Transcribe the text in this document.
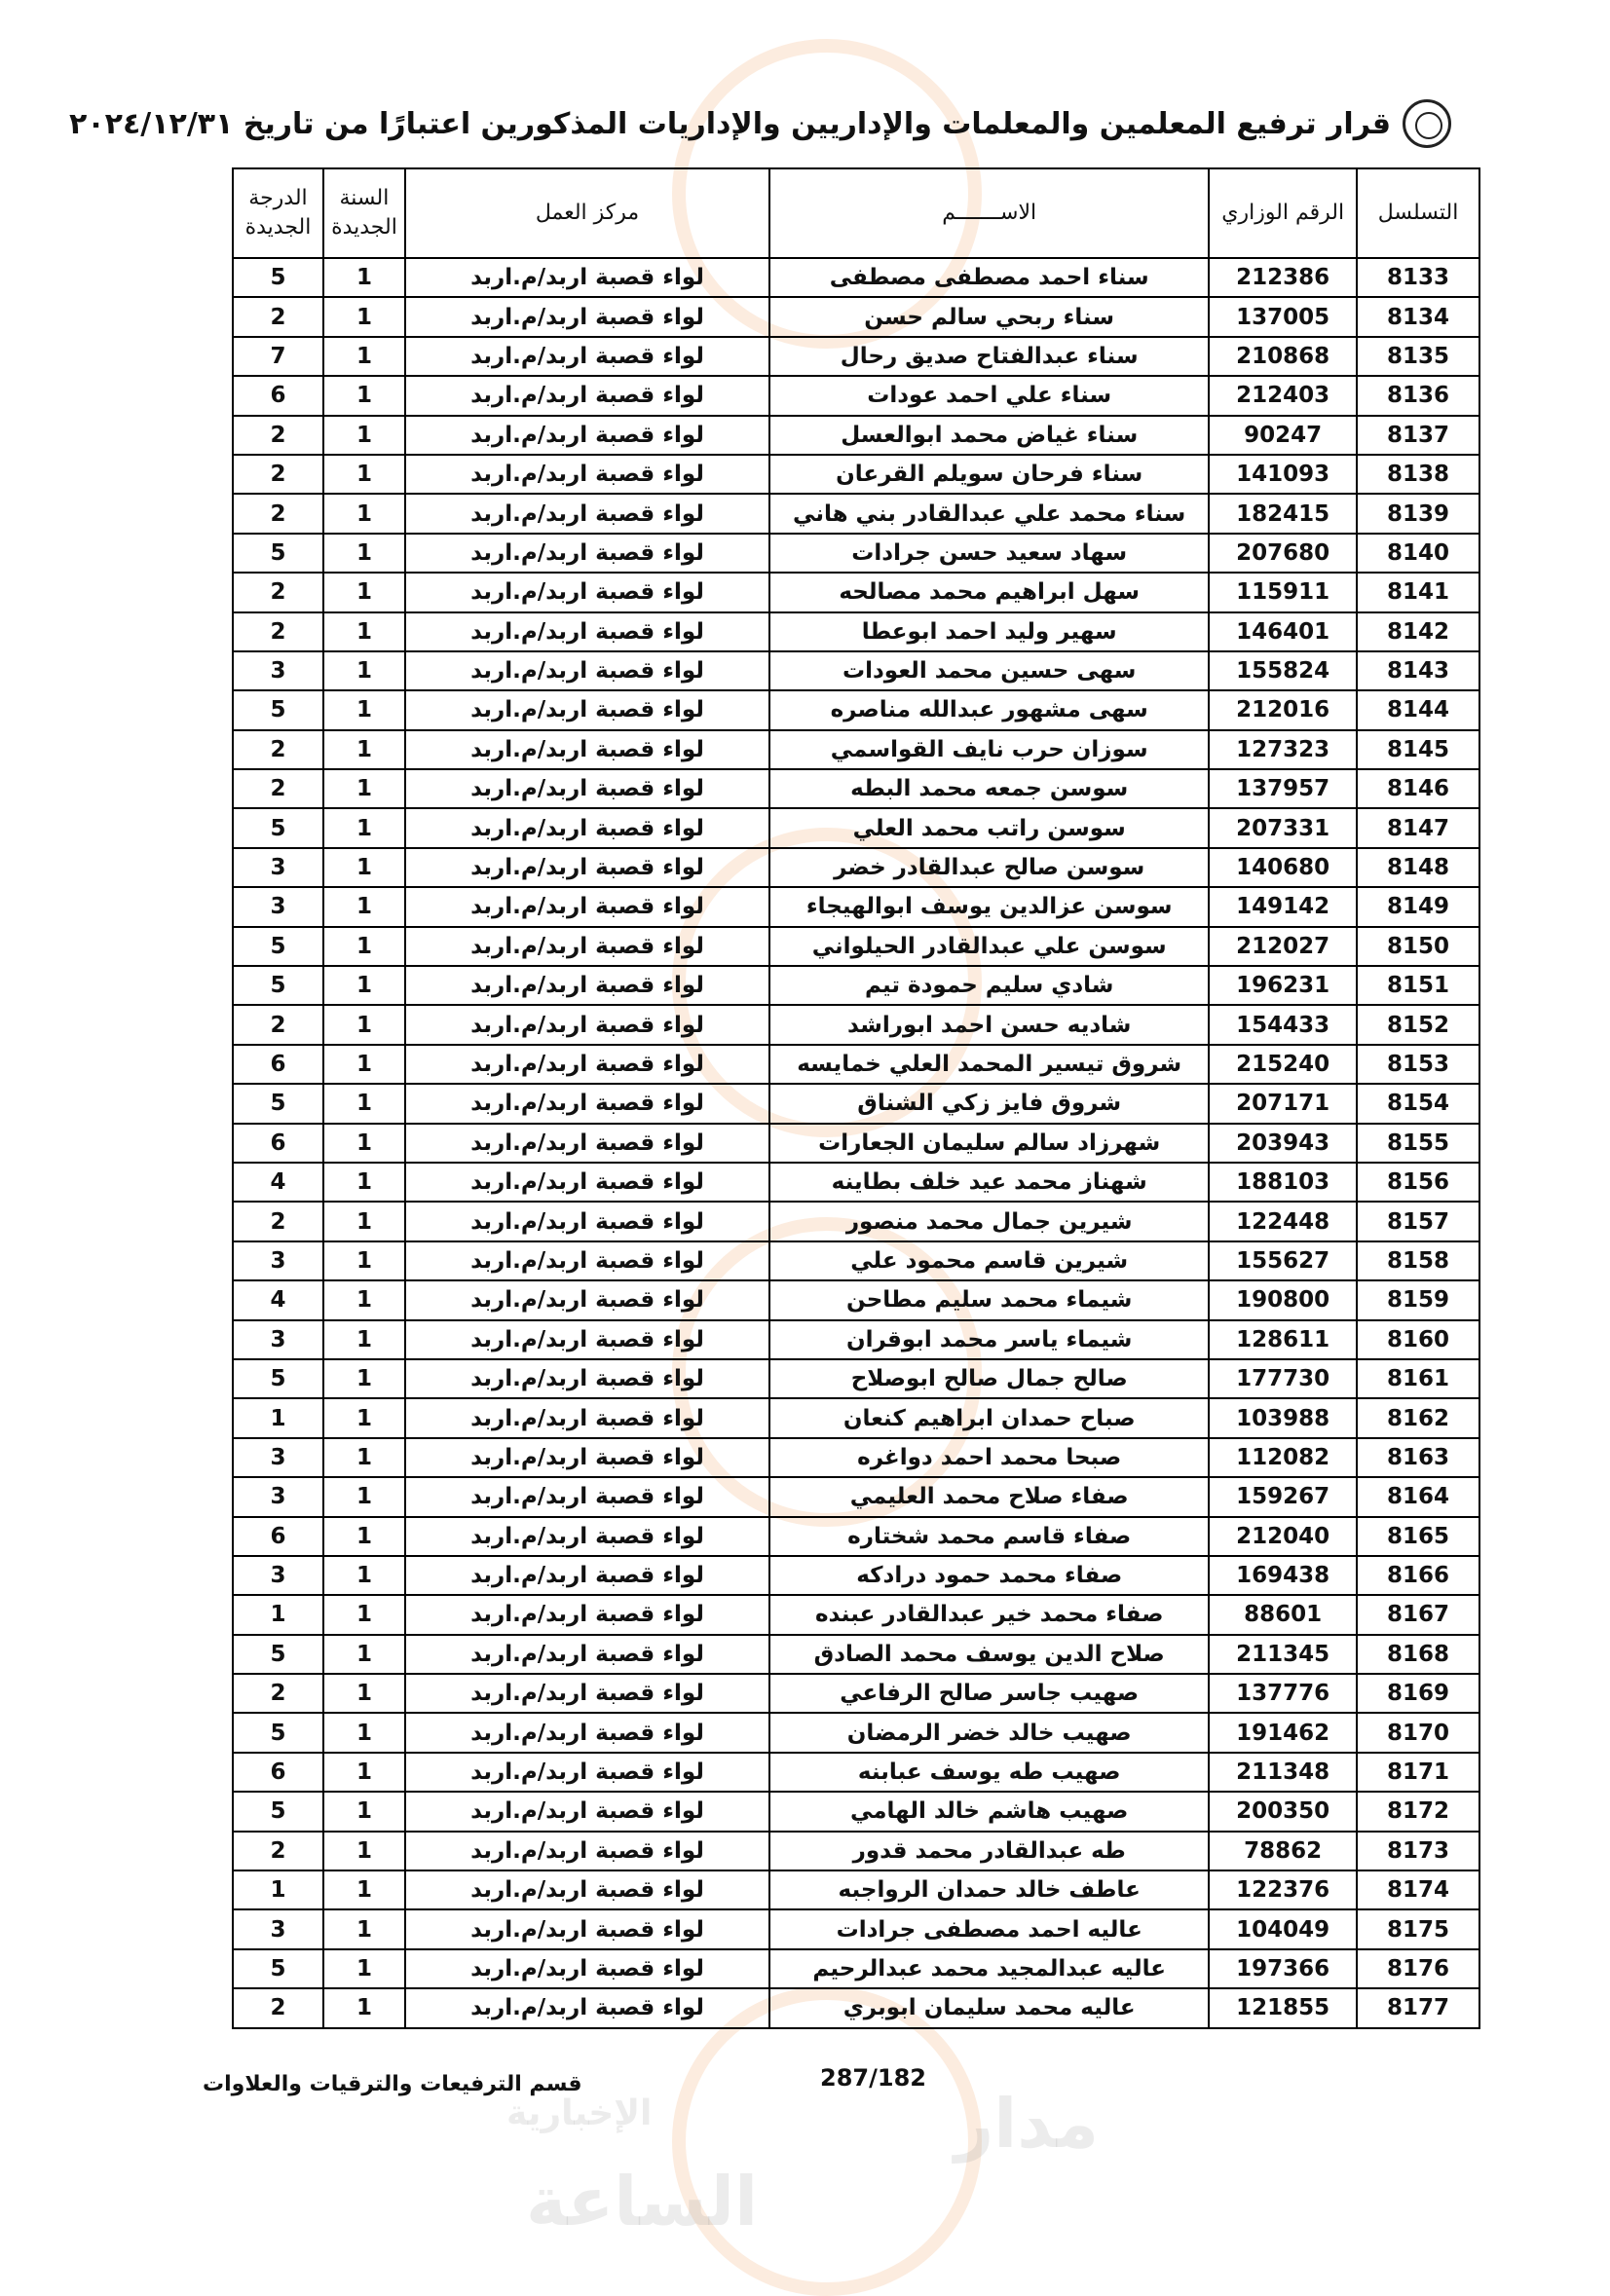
مدار
الساعة
الإخبارية
قرار ترفيع المعلمين والمعلمات والإداريين والإداريات المذكورين اعتبارًا من تاريخ ٢٠٢٤/١٢/٣١
التسلسل	الرقم الوزاري	الاســـــــم	مركز العمل	السنة الجديدة	الدرجة الجديدة
8133	212386	سناء احمد مصطفى مصطفى	لواء قصبة اربد/م.اربد	1	5
8134	137005	سناء ربحي سالم حسن	لواء قصبة اربد/م.اربد	1	2
8135	210868	سناء عبدالفتاح صديق رحال	لواء قصبة اربد/م.اربد	1	7
8136	212403	سناء علي احمد عودات	لواء قصبة اربد/م.اربد	1	6
8137	90247	سناء غياض محمد ابوالعسل	لواء قصبة اربد/م.اربد	1	2
8138	141093	سناء فرحان سويلم القرعان	لواء قصبة اربد/م.اربد	1	2
8139	182415	سناء محمد علي عبدالقادر بني هاني	لواء قصبة اربد/م.اربد	1	2
8140	207680	سهاد سعيد حسن جرادات	لواء قصبة اربد/م.اربد	1	5
8141	115911	سهل ابراهيم محمد مصالحه	لواء قصبة اربد/م.اربد	1	2
8142	146401	سهير وليد احمد ابوعطا	لواء قصبة اربد/م.اربد	1	2
8143	155824	سهى حسين محمد العودات	لواء قصبة اربد/م.اربد	1	3
8144	212016	سهى مشهور عبدالله مناصره	لواء قصبة اربد/م.اربد	1	5
8145	127323	سوزان حرب نايف القواسمي	لواء قصبة اربد/م.اربد	1	2
8146	137957	سوسن جمعه محمد البطه	لواء قصبة اربد/م.اربد	1	2
8147	207331	سوسن راتب محمد العلي	لواء قصبة اربد/م.اربد	1	5
8148	140680	سوسن صالح عبدالقادر خضر	لواء قصبة اربد/م.اربد	1	3
8149	149142	سوسن عزالدين يوسف ابوالهيجاء	لواء قصبة اربد/م.اربد	1	3
8150	212027	سوسن علي عبدالقادر الحيلواني	لواء قصبة اربد/م.اربد	1	5
8151	196231	شادي سليم حمودة تيم	لواء قصبة اربد/م.اربد	1	5
8152	154433	شاديه حسن احمد ابوراشد	لواء قصبة اربد/م.اربد	1	2
8153	215240	شروق تيسير المحمد العلي خمايسه	لواء قصبة اربد/م.اربد	1	6
8154	207171	شروق فايز زكي الشناق	لواء قصبة اربد/م.اربد	1	5
8155	203943	شهرزاد سالم سليمان الجعارات	لواء قصبة اربد/م.اربد	1	6
8156	188103	شهناز محمد عيد خلف بطاينه	لواء قصبة اربد/م.اربد	1	4
8157	122448	شيرين جمال محمد منصور	لواء قصبة اربد/م.اربد	1	2
8158	155627	شيرين قاسم محمود علي	لواء قصبة اربد/م.اربد	1	3
8159	190800	شيماء محمد سليم مطاحن	لواء قصبة اربد/م.اربد	1	4
8160	128611	شيماء ياسر محمد ابوقران	لواء قصبة اربد/م.اربد	1	3
8161	177730	صالح جمال صالح ابوصلاح	لواء قصبة اربد/م.اربد	1	5
8162	103988	صباح حمدان ابراهيم كنعان	لواء قصبة اربد/م.اربد	1	1
8163	112082	صبحا محمد احمد دواغره	لواء قصبة اربد/م.اربد	1	3
8164	159267	صفاء صلاح محمد العليمي	لواء قصبة اربد/م.اربد	1	3
8165	212040	صفاء قاسم محمد شختاره	لواء قصبة اربد/م.اربد	1	6
8166	169438	صفاء محمد حمود درادكه	لواء قصبة اربد/م.اربد	1	3
8167	88601	صفاء محمد خير عبدالقادر عبنده	لواء قصبة اربد/م.اربد	1	1
8168	211345	صلاح الدين يوسف محمد الصادق	لواء قصبة اربد/م.اربد	1	5
8169	137776	صهيب جاسر صالح الرفاعي	لواء قصبة اربد/م.اربد	1	2
8170	191462	صهيب خالد خضر الرمضان	لواء قصبة اربد/م.اربد	1	5
8171	211348	صهيب طه يوسف عبابنه	لواء قصبة اربد/م.اربد	1	6
8172	200350	صهيب هاشم خالد الهامي	لواء قصبة اربد/م.اربد	1	5
8173	78862	طه عبدالقادر محمد قدور	لواء قصبة اربد/م.اربد	1	2
8174	122376	عاطف خالد حمدان الرواجبه	لواء قصبة اربد/م.اربد	1	1
8175	104049	عاليه احمد مصطفى جرادات	لواء قصبة اربد/م.اربد	1	3
8176	197366	عاليه عبدالمجيد محمد عبدالرحيم	لواء قصبة اربد/م.اربد	1	5
8177	121855	عاليه محمد سليمان ابوبري	لواء قصبة اربد/م.اربد	1	2
287/182
قسم الترفيعات والترقيات والعلاوات
